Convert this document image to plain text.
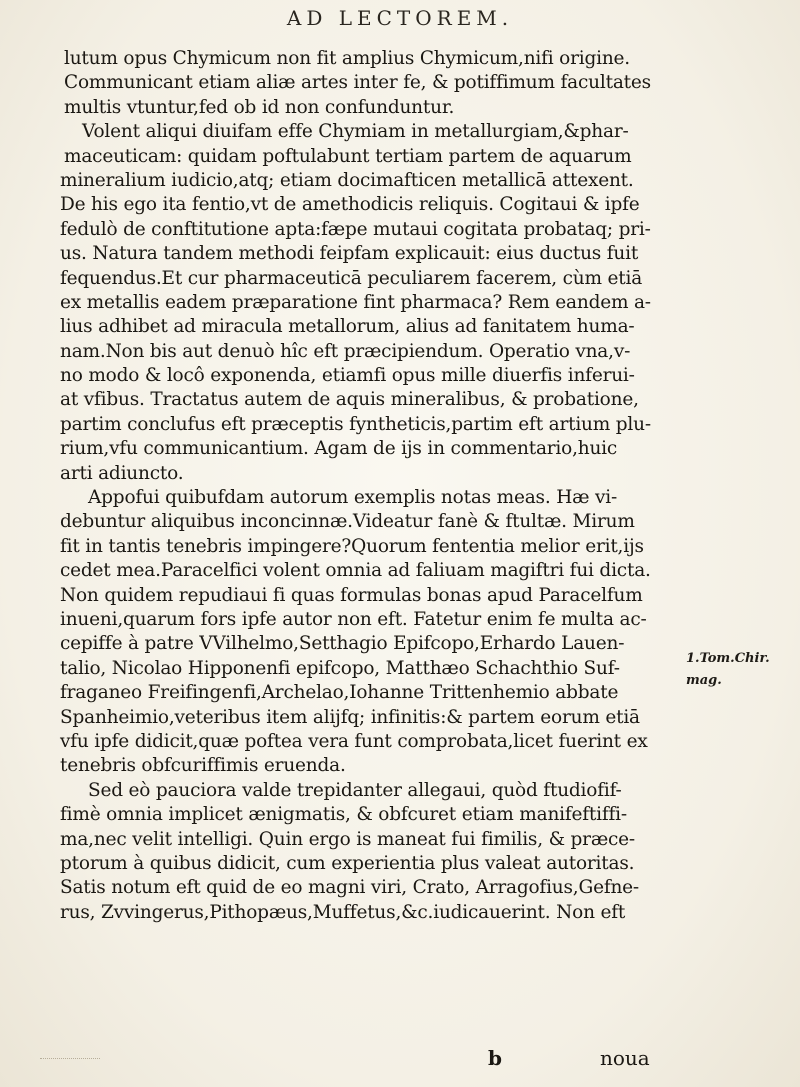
AD LECTOREM.
lutum opus Chymicum non fit amplius Chymicum,nifi origine.
Communicant etiam aliæ artes inter fe, & potiffimum facultates
multis vtuntur,fed ob id non confunduntur.
Volent aliqui diuifam effe Chymiam in metallurgiam,&phar-
maceuticam: quidam poftulabunt tertiam partem de aquarum
mineralium iudicio,atq; etiam docimafticen metallicā attexent.
De his ego ita fentio,vt de amethodicis reliquis. Cogitaui & ipfe
fedulò de conftitutione apta:fæpe mutaui cogitata probataq; pri-
us. Natura tandem methodi feipfam explicauit: eius ductus fuit
fequendus.Et cur pharmaceuticā peculiarem facerem, cùm etiā
ex metallis eadem præparatione fint pharmaca? Rem eandem a-
lius adhibet ad miracula metallorum, alius ad fanitatem huma-
nam.Non bis aut denuò hîc eft præcipiendum. Operatio vna,v-
no modo & locô exponenda, etiamfi opus mille diuerfis inferui-
at vfibus. Tractatus autem de aquis mineralibus, & probatione,
partim conclufus eft præceptis fyntheticis,partim eft artium plu-
rium,vfu communicantium. Agam de ijs in commentario,huic
arti adiuncto.
Appofui quibufdam autorum exemplis notas meas. Hæ vi-
debuntur aliquibus inconcinnæ.Videatur fanè & ftultæ. Mirum
fit in tantis tenebris impingere?Quorum fententia melior erit,ijs
cedet mea.Paracelfici volent omnia ad faliuam magiftri fui dicta.
Non quidem repudiaui fi quas formulas bonas apud Paracelfum
inueni,quarum fors ipfe autor non eft. Fatetur enim fe multa ac-
cepiffe à patre VVilhelmo,Setthagio Epifcopo,Erhardo Lauen-
talio, Nicolao Hipponenfi epifcopo, Matthæo Schachthio Suf-
fraganeo Freifingenfi,Archelao,Iohanne Trittenhemio abbate
Spanheimio,veteribus item alijfq; infinitis:& partem eorum etiā
vfu ipfe didicit,quæ poftea vera funt comprobata,licet fuerint ex
tenebris obfcuriffimis eruenda.
Sed eò pauciora valde trepidanter allegaui, quòd ftudiofif-
fimè omnia implicet ænigmatis, & obfcuret etiam manifeftiffi-
ma,nec velit intelligi. Quin ergo is maneat fui fimilis, & præce-
ptorum à quibus didicit, cum experientia plus valeat autoritas.
Satis notum eft quid de eo magni viri, Crato, Arragofius,Gefne-
rus, Zvvingerus,Pithopæus,Muffetus,&c.iudicauerint. Non eft
1.Tom.Chir.
mag.
b	noua
